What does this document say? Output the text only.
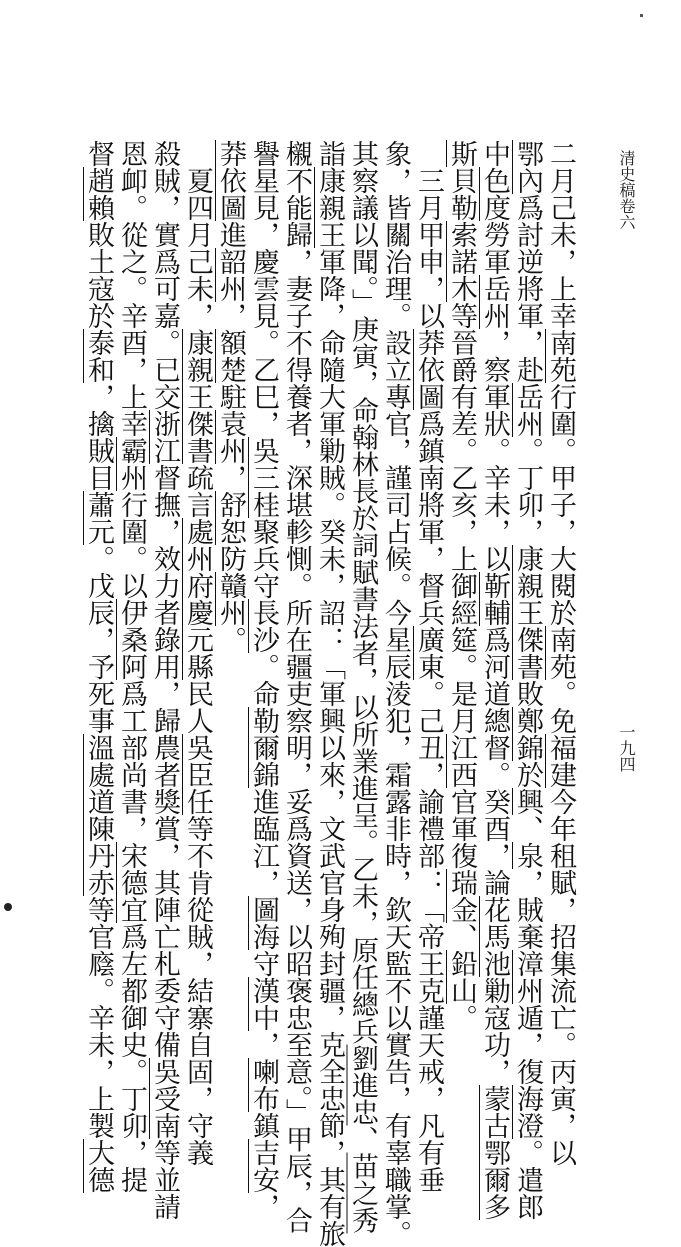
清史稿卷六
一九四
二月己未，上幸南苑行圍。甲子，大閱於南苑。免福建今年租賦，招集流亡。丙寅，以
鄂內爲討逆將軍，赴岳州。丁卯，康親王傑書敗鄭錦於興、泉，賊棄漳州遁，復海澄。遣郎
中色度勞軍岳州，察軍狀。辛未，以靳輔爲河道總督。癸酉，論花馬池勦寇功，蒙古鄂爾多
斯貝勒索諾木等晉爵有差。乙亥，上御經筵。是月江西官軍復瑞金、鉛山。
　三月甲申，以莽依圖爲鎮南將軍，督兵廣東。己丑，諭禮部：「帝王克謹天戒，凡有垂
象，皆關治理。設立專官，謹司占候。今星辰淩犯，霜露非時，欽天監不以實告，有辜職掌。
其察議以聞。」庚寅，命翰林長於詞賦書法者，以所業進呈。乙未，原任總兵劉進忠、苗之秀
詣康親王軍降，命隨大軍勦賊。癸未，詔：「軍興以來，文武官身殉封疆，克全忠節，其有旅
櫬不能歸，妻子不得養者，深堪軫惻。所在疆吏察明，妥爲資送，以昭褒忠至意。」甲辰，合
譽星見，慶雲見。乙巳，吳三桂聚兵守長沙。命勒爾錦進臨江，圖海守漢中，喇布鎮吉安，
莽依圖進韶州，額楚駐袁州，舒恕防贛州。
　夏四月己未，康親王傑書疏言處州府慶元縣民人吳臣任等不肯從賊，結寨自固，守義
殺賊，實爲可嘉。已交浙江督撫，效力者錄用，歸農者獎賞，其陣亡札委守備吳受南等並請
恩卹。從之。辛酉，上幸霸州行圍。以伊桑阿爲工部尚書，宋德宜爲左都御史。丁卯，提
督趙賴敗土寇於泰和，擒賊目蕭元。戊辰，予死事溫處道陳丹赤等官廕。辛未，上製大德
